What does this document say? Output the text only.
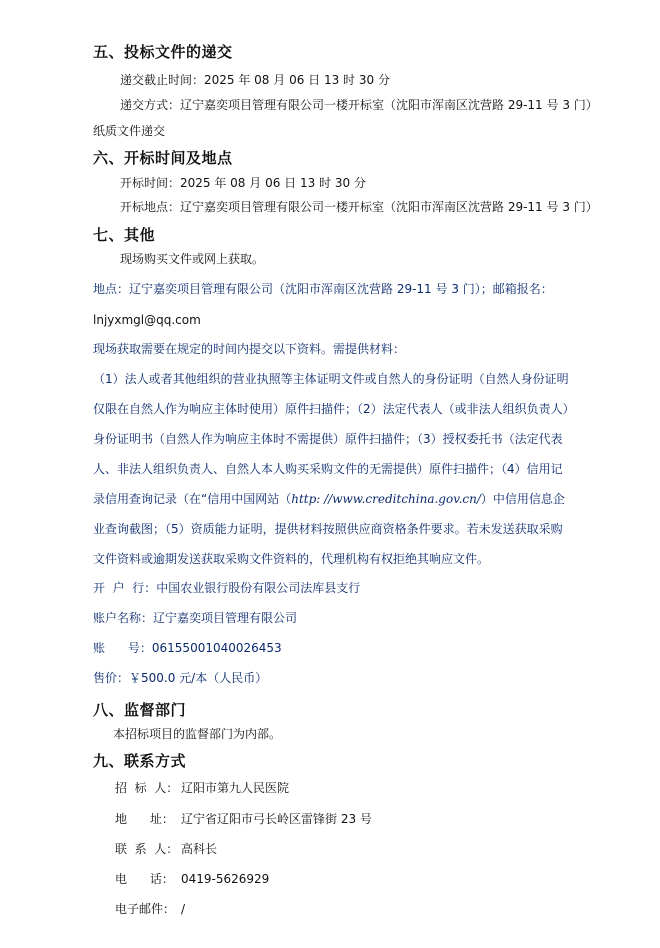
五、投标文件的递交
递交截止时间：2025 年 08 月 06 日 13 时 30 分
递交方式：辽宁嘉奕项目管理有限公司一楼开标室（沈阳市浑南区沈营路 29-11 号 3 门）
纸质文件递交
六、开标时间及地点
开标时间：2025 年 08 月 06 日 13 时 30 分
开标地点：辽宁嘉奕项目管理有限公司一楼开标室（沈阳市浑南区沈营路 29-11 号 3 门）
七、其他
现场购买文件或网上获取。
地点：辽宁嘉奕项目管理有限公司（沈阳市浑南区沈营路 29-11 号 3 门）；邮箱报名：
lnjyxmgl@qq.com
现场获取需要在规定的时间内提交以下资料。需提供材料：
（1）法人或者其他组织的营业执照等主体证明文件或自然人的身份证明（自然人身份证明
仅限在自然人作为响应主体时使用）原件扫描件；（2）法定代表人（或非法人组织负责人）
身份证明书（自然人作为响应主体时不需提供）原件扫描件；（3）授权委托书（法定代表
人、非法人组织负责人、自然人本人购买采购文件的无需提供）原件扫描件；（4）信用记
录信用查询记录（在“信用中国网站（http: //www.creditchina.gov.cn/）中信用信息企
业查询截图；（5）资质能力证明，提供材料按照供应商资格条件要求。若未发送获取采购
文件资料或逾期发送获取采购文件资料的，代理机构有权拒绝其响应文件。
开  户  行：中国农业银行股份有限公司法库县支行
账户名称：辽宁嘉奕项目管理有限公司
账      号：06155001040026453
售价：￥500.0 元/本（人民币）
八、监督部门
本招标项目的监督部门为内部。
九、联系方式
招  标  人： 辽阳市第九人民医院
地      址： 辽宁省辽阳市弓长岭区雷锋街 23 号
联  系  人： 高科长
电      话： 0419-5626929
电子邮件： /
